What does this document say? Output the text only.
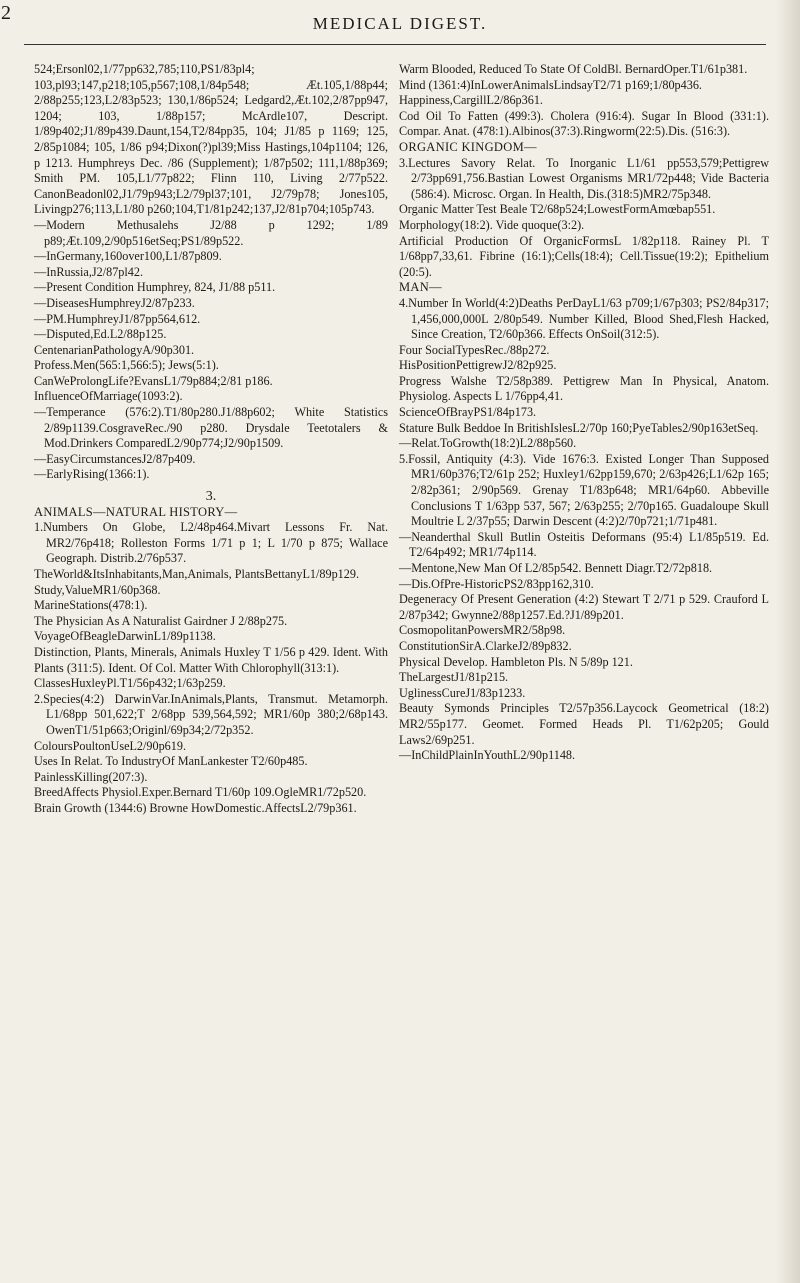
2	MEDICAL DIGEST.
524;Ersonl02,1/77pp632,785;110,PS1/83pl4; 103,pl93;147,p218;105,p567;108,1/84p548; Æt.105,1/88p44; 2/88p255;123,L2/83p523; 130,1/86p524; Ledgard2,Æt.102,2/87pp947, 1204; 103, 1/88p157; McArdle107, Descript. 1/89p402;J1/89p439.Daunt,154,T2/84pp35, 104; J1/85 p 1169; 125, 2/85p1084; 105, 1/86 p94;Dixon(?)pl39;Miss Hastings,104p1104; 126, p 1213. Humphreys Dec. /86 (Supplement); 1/87p502; 111,1/88p369; Smith PM. 105,L1/77p822; Flinn 110, Living 2/77p522. CanonBeadonl02,J1/79p943;L2/79pl37;101, J2/79p78; Jones105, Livingp276;113,L1/80 p260;104,T1/81p242;137,J2/81p704;105p743.
—Modern Methusalehs J2/88 p 1292; 1/89 p89;Æt.109,2/90p516etSeq;PS1/89p522.
—InGermany,160over100,L1/87p809.
—InRussia,J2/87pl42.
—Present Condition Humphrey, 824, J1/88 p511.
—DiseasesHumphreyJ2/87p233.
—PM.HumphreyJ1/87pp564,612.
—Disputed,Ed.L2/88p125.
CentenarianPathologyA/90p301.
Profess.Men(565:1,566:5); Jews(5:1).
CanWeProlongLife?EvansL1/79p884;2/81 p186.
InfluenceOfMarriage(1093:2).
—Temperance (576:2).T1/80p280.J1/88p602; White Statistics 2/89p1139.CosgraveRec./90 p280. Drysdale Teetotalers & Mod.Drinkers ComparedL2/90p774;J2/90p1509.
—EasyCircumstancesJ2/87p409.
—EarlyRising(1366:1).
3.
ANIMALS—NATURAL HISTORY—
1.Numbers On Globe, L2/48p464.Mivart Lessons Fr. Nat. MR2/76p418; Rolleston Forms 1/71 p 1; L 1/70 p 875; Wallace Geograph. Distrib.2/76p537.
TheWorld&ItsInhabitants,Man,Animals, PlantsBettanyL1/89p129.
Study,ValueMR1/60p368.
MarineStations(478:1).
The Physician As A Naturalist Gairdner J 2/88p275.
VoyageOfBeagleDarwinL1/89p1138.
Distinction, Plants, Minerals, Animals Huxley T 1/56 p 429. Ident. With Plants (311:5). Ident. Of Col. Matter With Chlorophyll(313:1).
ClassesHuxleyPl.T1/56p432;1/63p259.
2.Species(4:2) DarwinVar.InAnimals,Plants, Transmut. Metamorph. L1/68pp 501,622;T 2/68pp 539,564,592; MR1/60p 380;2/68p143. OwenT1/51p663;Originl/69p34;2/72p352.
ColoursPoultonUseL2/90p619.
Uses In Relat. To IndustryOf ManLankester T2/60p485.
PainlessKilling(207:3).
BreedAffects Physiol.Exper.Bernard T1/60p 109.OgleMR1/72p520.
Brain Growth (1344:6) Browne HowDomestic.AffectsL2/79p361.
Warm Blooded, Reduced To State Of ColdBl. BernardOper.T1/61p381.
Mind (1361:4)InLowerAnimalsLindsayT2/71 p169;1/80p436.
Happiness,CargillL2/86p361.
Cod Oil To Fatten (499:3). Cholera (916:4). Sugar In Blood (331:1). Compar. Anat. (478:1).Albinos(37:3).Ringworm(22:5).Dis. (516:3).
ORGANIC KINGDOM—
3.Lectures Savory Relat. To Inorganic L1/61 pp553,579;Pettigrew 2/73pp691,756.Bastian Lowest Organisms MR1/72p448; Vide Bacteria (586:4). Microsc. Organ. In Health, Dis.(318:5)MR2/75p348.
Organic Matter Test Beale T2/68p524;LowestFormAmœbap551.
Morphology(18:2). Vide quoque(3:2).
Artificial Production Of OrganicFormsL 1/82p118. Rainey Pl. T 1/68pp7,33,61. Fibrine (16:1);Cells(18:4); Cell.Tissue(19:2); Epithelium (20:5).
MAN—
4.Number In World(4:2)Deaths PerDayL1/63 p709;1/67p303; PS2/84p317; 1,456,000,000L 2/80p549. Number Killed, Blood Shed,Flesh Hacked, Since Creation, T2/60p366. Effects OnSoil(312:5).
Four SocialTypesRec./88p272.
HisPositionPettigrewJ2/82p925.
Progress Walshe T2/58p389. Pettigrew Man In Physical, Anatom. Physiolog. Aspects L 1/76pp4,41.
ScienceOfBrayPS1/84p173.
Stature Bulk Beddoe In BritishIslesL2/70p 160;PyeTables2/90p163etSeq.
—Relat.ToGrowth(18:2)L2/88p560.
5.Fossil, Antiquity (4:3). Vide 1676:3. Existed Longer Than Supposed MR1/60p376;T2/61p 252; Huxley1/62pp159,670; 2/63p426;L1/62p 165; 2/82p361; 2/90p569. Grenay T1/83p648; MR1/64p60. Abbeville Conclusions T 1/63pp 537, 567; 2/63p255; 2/70p165. Guadaloupe Skull Moultrie L 2/37p55; Darwin Descent (4:2)2/70p721;1/71p481.
—Neanderthal Skull Butlin Osteitis Deformans (95:4) L1/85p519. Ed. T2/64p492; MR1/74p114.
—Mentone,New Man Of L2/85p542. Bennett Diagr.T2/72p818.
—Dis.OfPre-HistoricPS2/83pp162,310.
Degeneracy Of Present Generation (4:2) Stewart T 2/71 p 529. Crauford L 2/87p342; Gwynne2/88p1257.Ed.?J1/89p201.
CosmopolitanPowersMR2/58p98.
ConstitutionSirA.ClarkeJ2/89p832.
Physical Develop. Hambleton Pls. N 5/89p 121.
TheLargestJ1/81p215.
UglinessCureJ1/83p1233.
Beauty Symonds Principles T2/57p356.Laycock Geometrical (18:2) MR2/55p177. Geomet. Formed Heads Pl. T1/62p205; Gould Laws2/69p251.
—InChildPlainInYouthL2/90p1148.
